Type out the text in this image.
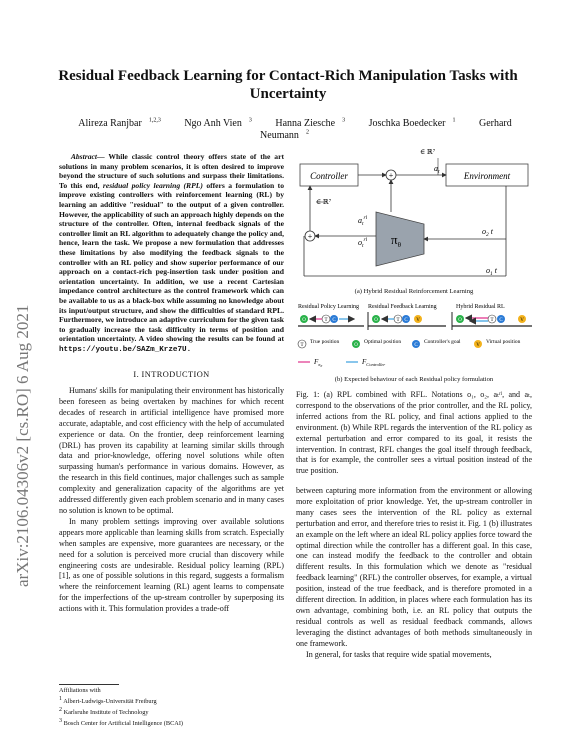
arXiv:2106.04306v2 [cs.RO] 6 Aug 2021
Residual Feedback Learning for Contact-Rich Manipulation Tasks with Uncertainty
Alireza Ranjbar $^{1,2,3}$ Ngo Anh Vien $^3$ Hanna Ziesche $^3$ Joschka Boedecker $^1$ Gerhard Neumann $^2$
Abstract— While classic control theory offers state of the art solutions in many problem scenarios, it is often desired to improve beyond the structure of such solutions and surpass their limitations. To this end, residual policy learning (RPL) offers a formulation to improve existing controllers with reinforcement learning (RL) by learning an additive "residual" to the output of a given controller. However, the applicability of such an approach highly depends on the structure of the controller. Often, internal feedback signals of the controller limit an RL algorithm to adequately change the policy and, hence, learn the task. We propose a new formulation that addresses these limitations by also modifying the feedback signals to the controller with an RL policy and show superior performance of our approach on a contact-rich peg-insertion task under position and orientation uncertainty. In addition, we use a recent Cartesian impedance control architecture as the control framework which can be available to us as a black-box while assuming no knowledge about its input/output structure, and show the difficulties of standard RPL. Furthermore, we introduce an adaptive curriculum for the given task to gradually increase the task difficulty in terms of position and orientation uncertainty. A video showing the results can be found at https://youtu.be/SAZm_Krze7U.
I. INTRODUCTION

Humans' skills for manipulating their environment has historically been foreseen as being overtaken by machines for which recent decades of research in artificial intelligence have promised more accurate, adaptable, and cost efficiency with the help of accumulated experience or data. On the frontier, deep reinforcement learning (DRL) has proven its capability at learning similar skills through data and prior-knowledge, offering novel solutions while often surpassing human's performance in various domains. However, as the research in this field continues, major challenges such as sample complexity and generalization capacity of the algorithms are yet addressed differently given each problem scenario and in many cases no solution is known to be optimal.

In many problem settings improving over available solutions appears more applicable than learning skills from scratch. Especially when samples are expensive, more guarantees are necessary, or the need for a solution is perceived more crucial than discovery while engineering costs are undesirable. Residual policy learning (RPL) [1], as one of possible solutions in this regard, suggests a formalism where the reinforcement learning (RL) agent learns to compensate for the imperfections of the up-stream controller by superposing its actions with it. This formulation provides a trade-off

Affiliations with
$^1$ Albert-Ludwigs-Universität Freiburg
$^2$ Karlsruhe Institute of Technology
$^3$ Bosch Center for Artificial Intelligence (BCAI)
Controller	Environment
+
∈ ℝ⁷
$a_t$
$\pi_\theta$
$a_t^{rl}$
$o_t^{rl}$
+
∈ ℝ⁷
$o_2$ t
$o_1$ t
(a) Hybrid Residual Reinforcement Learning
Residual Policy Learning Residual Feedback Learning	Hybrid Residual RL
O	T C	O	T C V	O	T C	V
T
True position
O
Optimal position
C
Controller's goal
V
Virtual position
$F_\pi\theta$	$F_{Controller}$
(b) Expected behaviour of each Residual policy formulation
Fig. 1: (a) RPL combined with RFL. Notations o₁, o₂, aₜʳˡ, and aₜ, correspond to the observations of the prior controller, and the RL policy, inferred actions from the RL policy, and final actions applied to the environment. (b) While RPL regards the intervention of the RL policy as external perturbation and error compared to its goal, it resists the intervention. In contrast, RFL changes the goal itself through feedback, that is for example, the controller sees a virtual position instead of the true position.

between capturing more information from the environment or allowing more exploitation of prior knowledge. Yet, the up-stream controller in many cases sees the intervention of the RL policy as external perturbation and error, and therefore tries to resist it. Fig. 1 (b) illustrates an example on the left where an ideal RL policy applies force toward the optimal direction while the controller has a different goal. In this case, one can instead modify the feedback to the controller and obtain different results. In this formulation which we denote as "residual feedback learning" (RFL) the controller observes, for example, a virtual position, instead of the true feedback, and is therefore promoted in a different direction. In addition, in places where each formulation has its own advantage, combining both, i.e. an RL policy that outputs the residual controls as well as residual feedback commands, allows leveraging the distinct advantages of both methods simultaneously in one framework.

In general, for tasks that require wide spatial movements,
